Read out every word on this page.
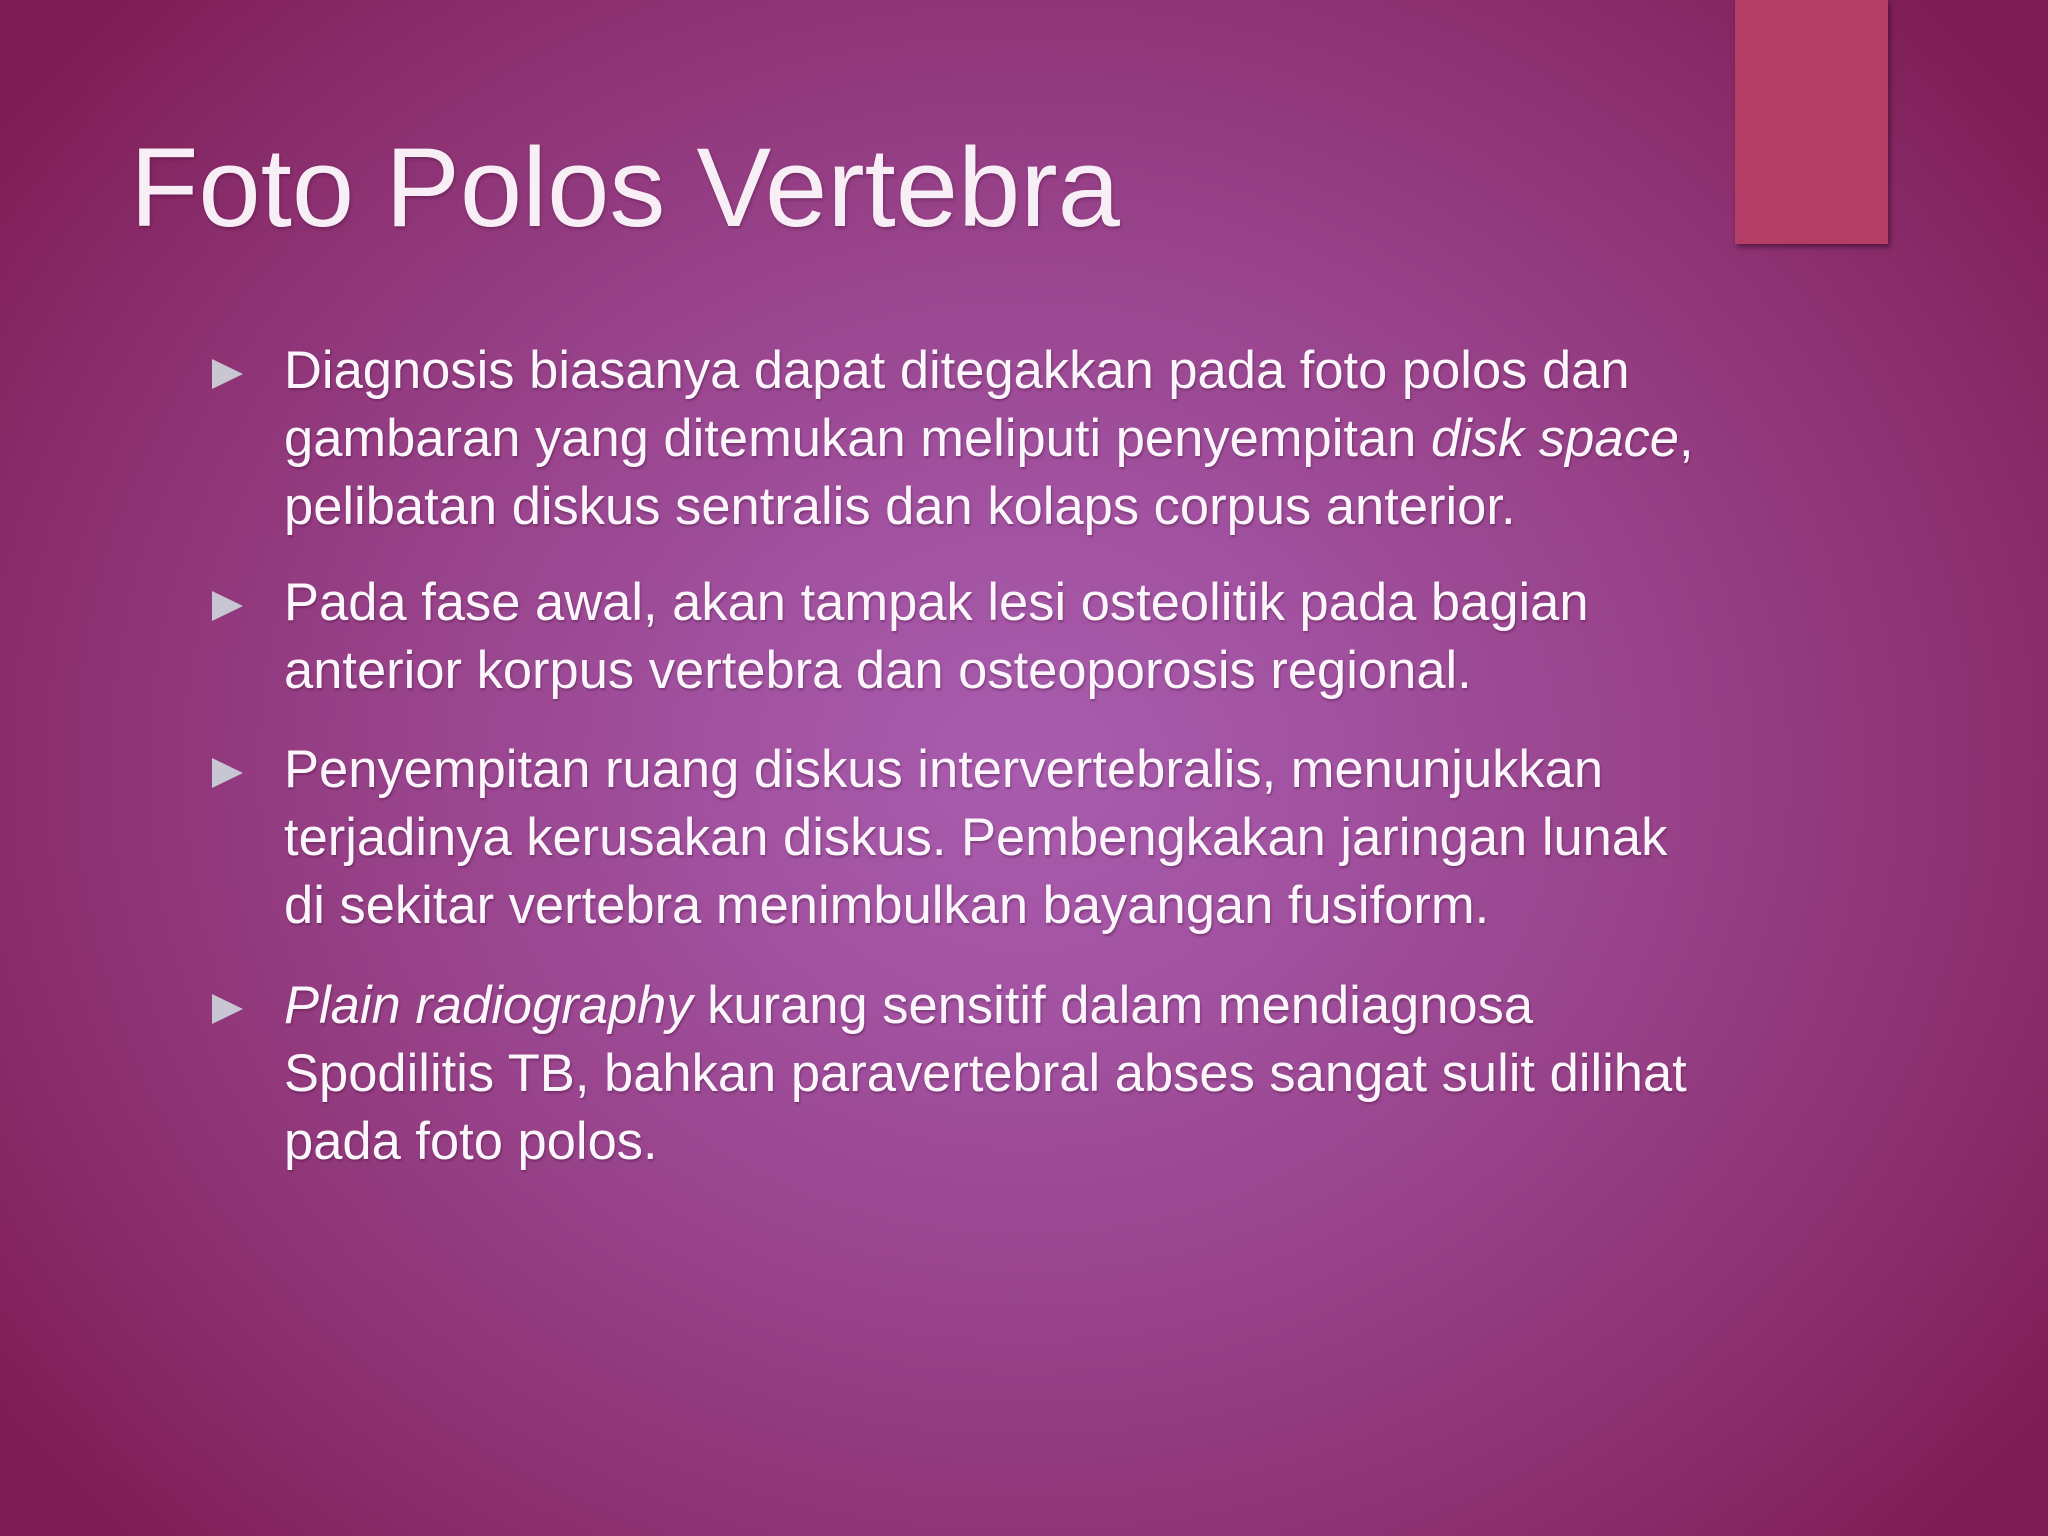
Foto Polos Vertebra
Diagnosis biasanya dapat ditegakkan pada foto polos dan
gambaran yang ditemukan meliputi penyempitan disk space,
pelibatan diskus sentralis dan kolaps corpus anterior.
Pada fase awal, akan tampak lesi osteolitik pada bagian
anterior korpus vertebra dan osteoporosis regional.
Penyempitan ruang diskus intervertebralis, menunjukkan
terjadinya kerusakan diskus. Pembengkakan jaringan lunak
di sekitar vertebra menimbulkan bayangan fusiform.
Plain radiography kurang sensitif dalam mendiagnosa
Spodilitis TB, bahkan paravertebral abses sangat sulit dilihat
pada foto polos.
